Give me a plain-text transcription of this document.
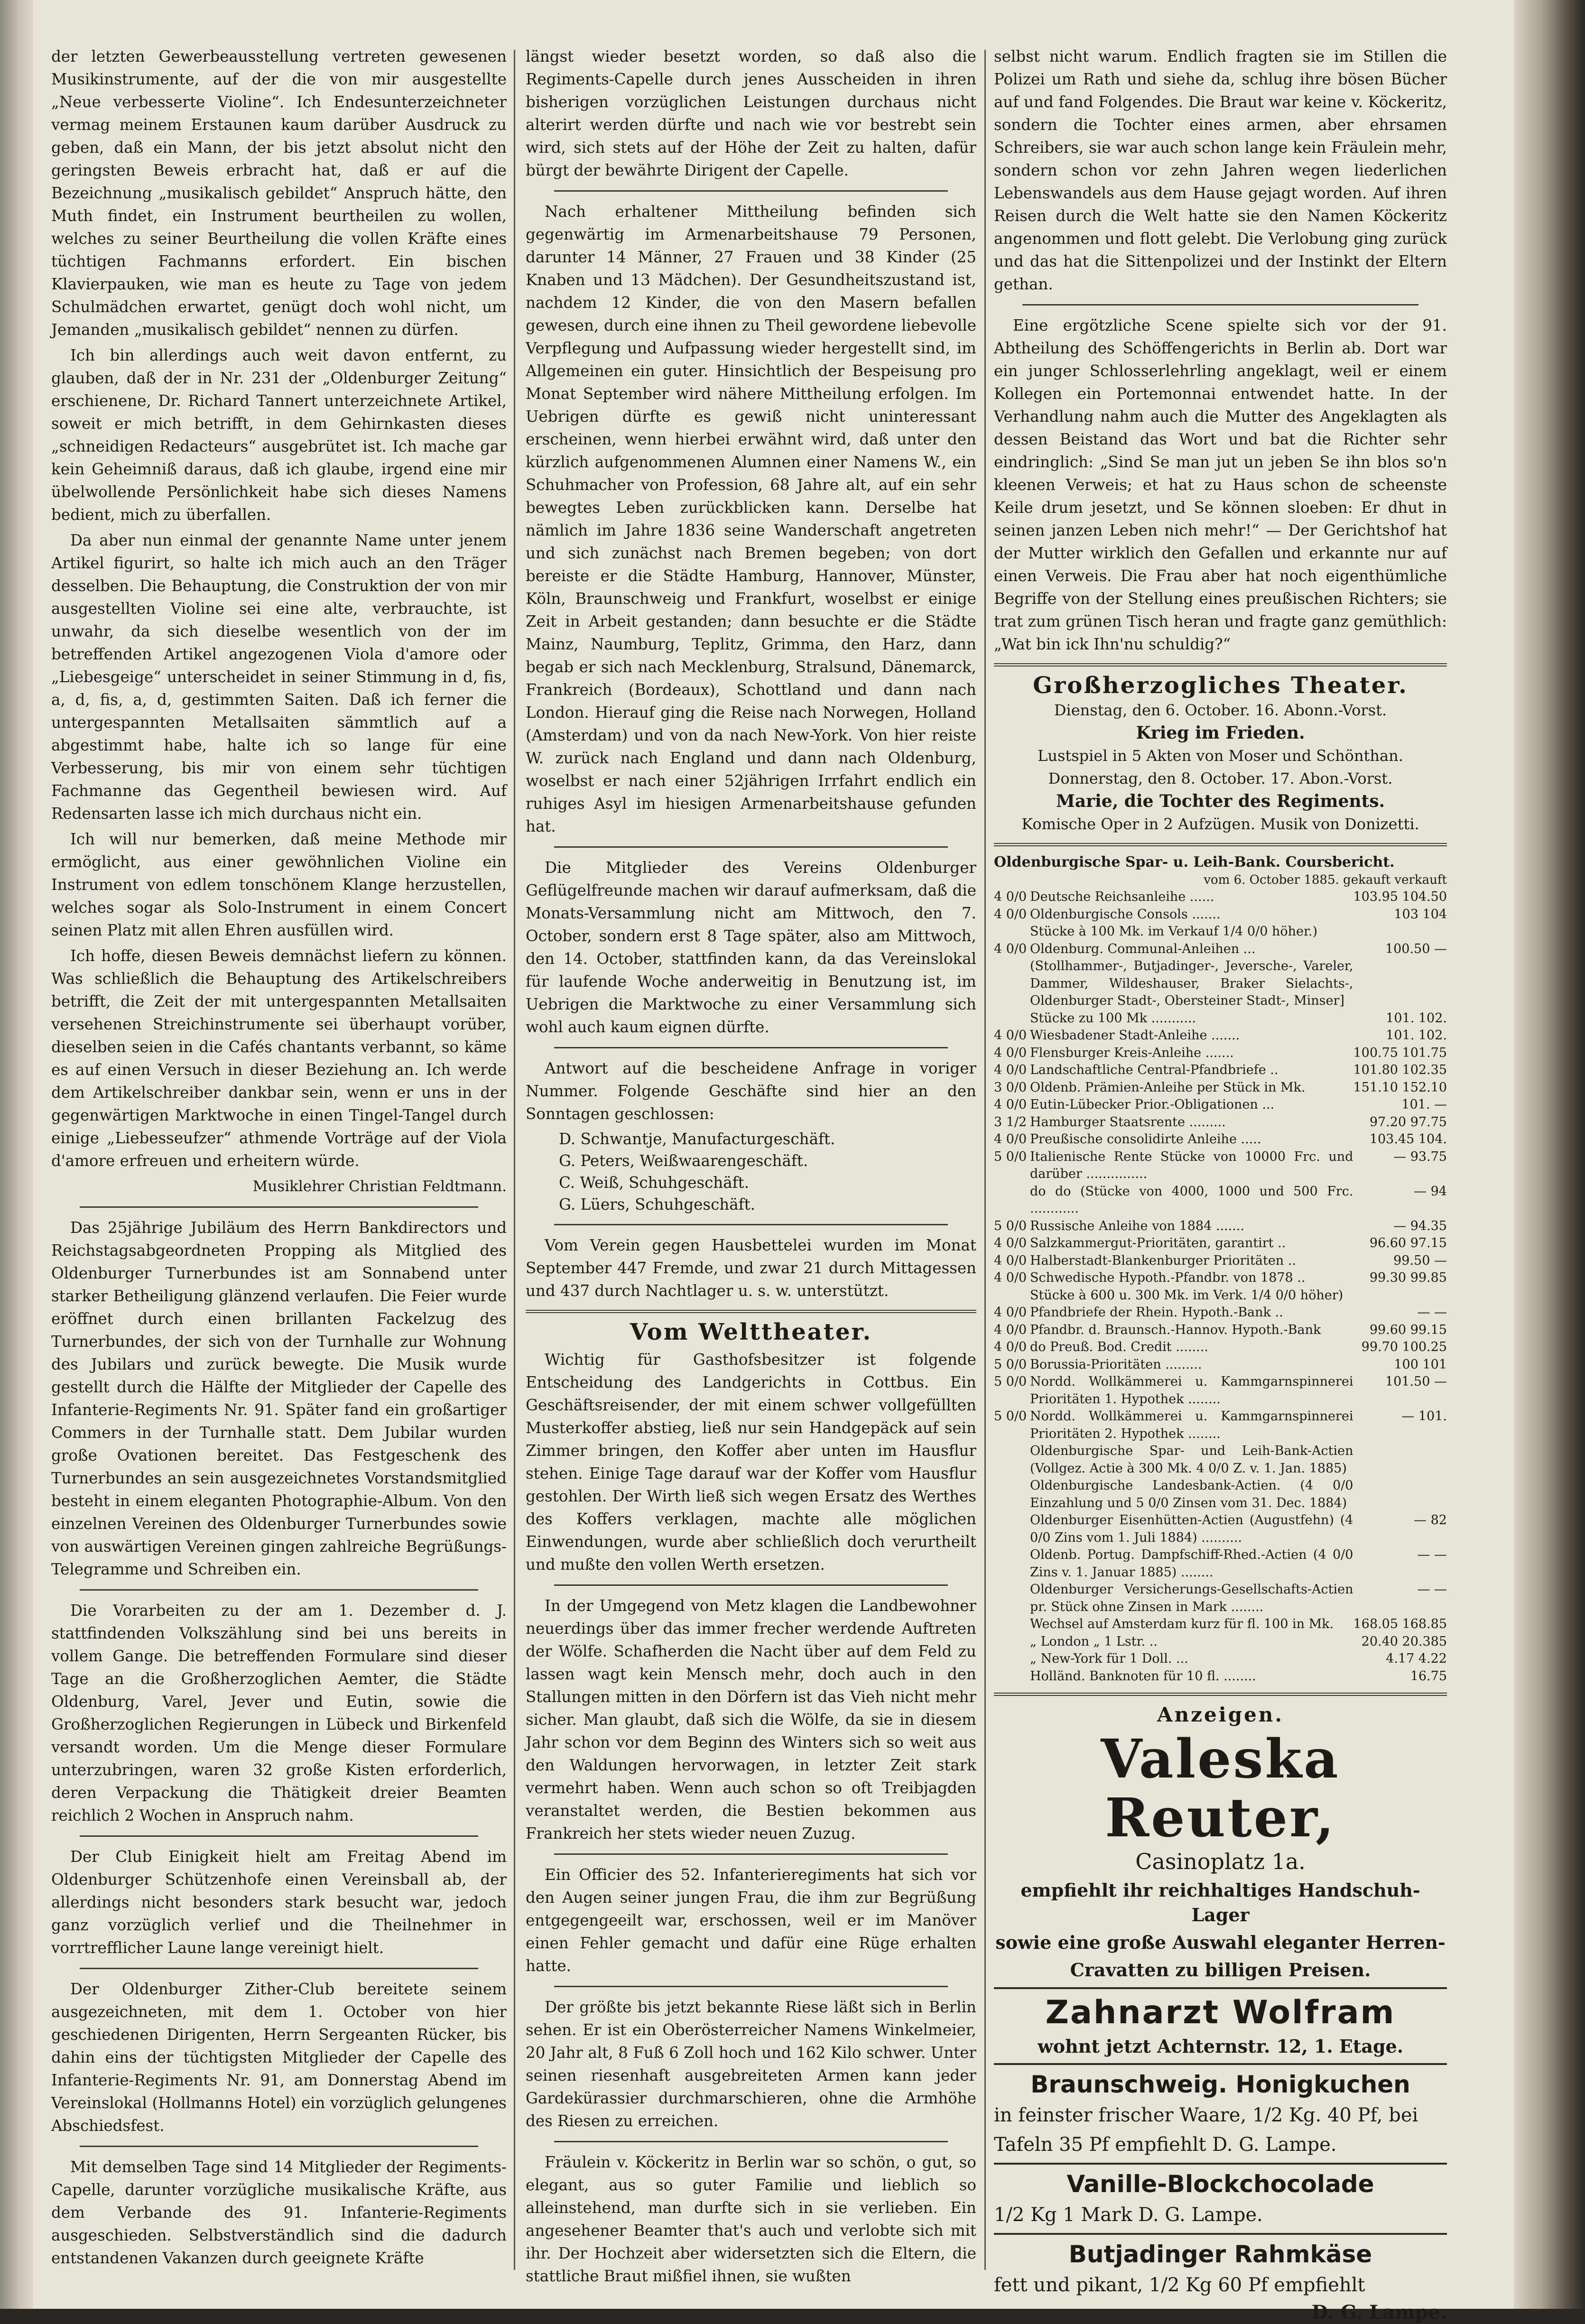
der letzten Gewerbeausstellung vertreten gewesenen Musikinstrumente, auf der die von mir ausgestellte „Neue verbesserte Violine“. Ich Endesunterzeichneter vermag meinem Erstaunen kaum darüber Ausdruck zu geben, daß ein Mann, der bis jetzt absolut nicht den geringsten Beweis erbracht hat, daß er auf die Bezeichnung „musikalisch gebildet“ Anspruch hätte, den Muth findet, ein Instrument beurtheilen zu wollen, welches zu seiner Beurtheilung die vollen Kräfte eines tüchtigen Fachmanns erfordert. Ein bischen Klavierpauken, wie man es heute zu Tage von jedem Schulmädchen erwartet, genügt doch wohl nicht, um Jemanden „musikalisch gebildet“ nennen zu dürfen.

Ich bin allerdings auch weit davon entfernt, zu glauben, daß der in Nr. 231 der „Oldenburger Zeitung“ erschienene, Dr. Richard Tannert unterzeichnete Artikel, soweit er mich betrifft, in dem Gehirnkasten dieses „schneidigen Redacteurs“ ausgebrütet ist. Ich mache gar kein Geheimniß daraus, daß ich glaube, irgend eine mir übelwollende Persönlichkeit habe sich dieses Namens bedient, mich zu überfallen.

Da aber nun einmal der genannte Name unter jenem Artikel figurirt, so halte ich mich auch an den Träger desselben. Die Behauptung, die Construktion der von mir ausgestellten Violine sei eine alte, verbrauchte, ist unwahr, da sich dieselbe wesentlich von der im betreffenden Artikel angezogenen Viola d'amore oder „Liebesgeige“ unterscheidet in seiner Stimmung in d, fis, a, d, fis, a, d, gestimmten Saiten. Daß ich ferner die untergespannten Metallsaiten sämmtlich auf a abgestimmt habe, halte ich so lange für eine Verbesserung, bis mir von einem sehr tüchtigen Fachmanne das Gegentheil bewiesen wird. Auf Redensarten lasse ich mich durchaus nicht ein.

Ich will nur bemerken, daß meine Methode mir ermöglicht, aus einer gewöhnlichen Violine ein Instrument von edlem tonschönem Klange herzustellen, welches sogar als Solo-Instrument in einem Concert seinen Platz mit allen Ehren ausfüllen wird.

Ich hoffe, diesen Beweis demnächst liefern zu können. Was schließlich die Behauptung des Artikelschreibers betrifft, die Zeit der mit untergespannten Metallsaiten versehenen Streichinstrumente sei überhaupt vorüber, dieselben seien in die Cafés chantants verbannt, so käme es auf einen Versuch in dieser Beziehung an. Ich werde dem Artikelschreiber dankbar sein, wenn er uns in der gegenwärtigen Marktwoche in einen Tingel-Tangel durch einige „Liebesseufzer“ athmende Vorträge auf der Viola d'amore erfreuen und erheitern würde.

Musiklehrer Christian Feldtmann.

Das 25jährige Jubiläum des Herrn Bankdirectors und Reichstagsabgeordneten Propping als Mitglied des Oldenburger Turnerbundes ist am Sonnabend unter starker Betheiligung glänzend verlaufen. Die Feier wurde eröffnet durch einen brillanten Fackelzug des Turnerbundes, der sich von der Turnhalle zur Wohnung des Jubilars und zurück bewegte. Die Musik wurde gestellt durch die Hälfte der Mitglieder der Capelle des Infanterie-Regiments Nr. 91. Später fand ein großartiger Commers in der Turnhalle statt. Dem Jubilar wurden große Ovationen bereitet. Das Festgeschenk des Turnerbundes an sein ausgezeichnetes Vorstandsmitglied besteht in einem eleganten Photographie-Album. Von den einzelnen Vereinen des Oldenburger Turnerbundes sowie von auswärtigen Vereinen gingen zahlreiche Begrüßungs-Telegramme und Schreiben ein.

Die Vorarbeiten zu der am 1. Dezember d. J. stattfindenden Volkszählung sind bei uns bereits in vollem Gange. Die betreffenden Formulare sind dieser Tage an die Großherzoglichen Aemter, die Städte Oldenburg, Varel, Jever und Eutin, sowie die Großherzoglichen Regierungen in Lübeck und Birkenfeld versandt worden. Um die Menge dieser Formulare unterzubringen, waren 32 große Kisten erforderlich, deren Verpackung die Thätigkeit dreier Beamten reichlich 2 Wochen in Anspruch nahm.

Der Club Einigkeit hielt am Freitag Abend im Oldenburger Schützenhofe einen Vereinsball ab, der allerdings nicht besonders stark besucht war, jedoch ganz vorzüglich verlief und die Theilnehmer in vorrtrefflicher Laune lange vereinigt hielt.

Der Oldenburger Zither-Club bereitete seinem ausgezeichneten, mit dem 1. October von hier geschiedenen Dirigenten, Herrn Sergeanten Rücker, bis dahin eins der tüchtigsten Mitglieder der Capelle des Infanterie-Regiments Nr. 91, am Donnerstag Abend im Vereinslokal (Hollmanns Hotel) ein vorzüglich gelungenes Abschiedsfest.

Mit demselben Tage sind 14 Mitglieder der Regiments-Capelle, darunter vorzügliche musikalische Kräfte, aus dem Verbande des 91. Infanterie-Regiments ausgeschieden. Selbstverständlich sind die dadurch entstandenen Vakanzen durch geeignete Kräfte

längst wieder besetzt worden, so daß also die Regiments-Capelle durch jenes Ausscheiden in ihren bisherigen vorzüglichen Leistungen durchaus nicht alterirt werden dürfte und nach wie vor bestrebt sein wird, sich stets auf der Höhe der Zeit zu halten, dafür bürgt der bewährte Dirigent der Capelle.

Nach erhaltener Mittheilung befinden sich gegenwärtig im Armenarbeitshause 79 Personen, darunter 14 Männer, 27 Frauen und 38 Kinder (25 Knaben und 13 Mädchen). Der Gesundheitszustand ist, nachdem 12 Kinder, die von den Masern befallen gewesen, durch eine ihnen zu Theil gewordene liebevolle Verpflegung und Aufpassung wieder hergestellt sind, im Allgemeinen ein guter. Hinsichtlich der Bespeisung pro Monat September wird nähere Mittheilung erfolgen. Im Uebrigen dürfte es gewiß nicht uninteressant erscheinen, wenn hierbei erwähnt wird, daß unter den kürzlich aufgenommenen Alumnen einer Namens W., ein Schuhmacher von Profession, 68 Jahre alt, auf ein sehr bewegtes Leben zurückblicken kann. Derselbe hat nämlich im Jahre 1836 seine Wanderschaft angetreten und sich zunächst nach Bremen begeben; von dort bereiste er die Städte Hamburg, Hannover, Münster, Köln, Braunschweig und Frankfurt, woselbst er einige Zeit in Arbeit gestanden; dann besuchte er die Städte Mainz, Naumburg, Teplitz, Grimma, den Harz, dann begab er sich nach Mecklenburg, Stralsund, Dänemarck, Frankreich (Bordeaux), Schottland und dann nach London. Hierauf ging die Reise nach Norwegen, Holland (Amsterdam) und von da nach New-York. Von hier reiste W. zurück nach England und dann nach Oldenburg, woselbst er nach einer 52jährigen Irrfahrt endlich ein ruhiges Asyl im hiesigen Armenarbeitshause gefunden hat.

Die Mitglieder des Vereins Oldenburger Geflügelfreunde machen wir darauf aufmerksam, daß die Monats-Versammlung nicht am Mittwoch, den 7. October, sondern erst 8 Tage später, also am Mittwoch, den 14. October, stattfinden kann, da das Vereinslokal für laufende Woche anderweitig in Benutzung ist, im Uebrigen die Marktwoche zu einer Versammlung sich wohl auch kaum eignen dürfte.

Antwort auf die bescheidene Anfrage in voriger Nummer. Folgende Geschäfte sind hier an den Sonntagen geschlossen:

D. Schwantje, Manufacturgeschäft.
G. Peters, Weißwaarengeschäft.
C. Weiß, Schuhgeschäft.
G. Lüers, Schuhgeschäft.

Vom Verein gegen Hausbettelei wurden im Monat September 447 Fremde, und zwar 21 durch Mittagessen und 437 durch Nachtlager u. s. w. unterstützt.

Vom Welttheater.

Wichtig für Gasthofsbesitzer ist folgende Entscheidung des Landgerichts in Cottbus. Ein Geschäftsreisender, der mit einem schwer vollgefüllten Musterkoffer abstieg, ließ nur sein Handgepäck auf sein Zimmer bringen, den Koffer aber unten im Hausflur stehen. Einige Tage darauf war der Koffer vom Hausflur gestohlen. Der Wirth ließ sich wegen Ersatz des Werthes des Koffers verklagen, machte alle möglichen Einwendungen, wurde aber schließlich doch verurtheilt und mußte den vollen Werth ersetzen.

In der Umgegend von Metz klagen die Landbewohner neuerdings über das immer frecher werdende Auftreten der Wölfe. Schafherden die Nacht über auf dem Feld zu lassen wagt kein Mensch mehr, doch auch in den Stallungen mitten in den Dörfern ist das Vieh nicht mehr sicher. Man glaubt, daß sich die Wölfe, da sie in diesem Jahr schon vor dem Beginn des Winters sich so weit aus den Waldungen hervorwagen, in letzter Zeit stark vermehrt haben. Wenn auch schon so oft Treibjagden veranstaltet werden, die Bestien bekommen aus Frankreich her stets wieder neuen Zuzug.

Ein Officier des 52. Infanterieregiments hat sich vor den Augen seiner jungen Frau, die ihm zur Begrüßung entgegengeeilt war, erschossen, weil er im Manöver einen Fehler gemacht und dafür eine Rüge erhalten hatte.

Der größte bis jetzt bekannte Riese läßt sich in Berlin sehen. Er ist ein Oberösterreicher Namens Winkelmeier, 20 Jahr alt, 8 Fuß 6 Zoll hoch und 162 Kilo schwer. Unter seinen riesenhaft ausgebreiteten Armen kann jeder Gardekürassier durchmarschieren, ohne die Armhöhe des Riesen zu erreichen.

Fräulein v. Köckeritz in Berlin war so schön, o gut, so elegant, aus so guter Familie und lieblich so alleinstehend, man durfte sich in sie verlieben. Ein angesehener Beamter that's auch und verlobte sich mit ihr. Der Hochzeit aber widersetzten sich die Eltern, die stattliche Braut mißfiel ihnen, sie wußten

selbst nicht warum. Endlich fragten sie im Stillen die Polizei um Rath und siehe da, schlug ihre bösen Bücher auf und fand Folgendes. Die Braut war keine v. Köckeritz, sondern die Tochter eines armen, aber ehrsamen Schreibers, sie war auch schon lange kein Fräulein mehr, sondern schon vor zehn Jahren wegen liederlichen Lebenswandels aus dem Hause gejagt worden. Auf ihren Reisen durch die Welt hatte sie den Namen Köckeritz angenommen und flott gelebt. Die Verlobung ging zurück und das hat die Sittenpolizei und der Instinkt der Eltern gethan.

Eine ergötzliche Scene spielte sich vor der 91. Abtheilung des Schöffengerichts in Berlin ab. Dort war ein junger Schlosserlehrling angeklagt, weil er einem Kollegen ein Portemonnai entwendet hatte. In der Verhandlung nahm auch die Mutter des Angeklagten als dessen Beistand das Wort und bat die Richter sehr eindringlich: „Sind Se man jut un jeben Se ihn blos so'n kleenen Verweis; et hat zu Haus schon de scheenste Keile drum jesetzt, und Se können sloeben: Er dhut in seinen janzen Leben nich mehr!“ — Der Gerichtshof hat der Mutter wirklich den Gefallen und erkannte nur auf einen Verweis. Die Frau aber hat noch eigenthümliche Begriffe von der Stellung eines preußischen Richters; sie trat zum grünen Tisch heran und fragte ganz gemüthlich: „Wat bin ick Ihn'nu schuldig?“

Großherzogliches Theater.

Dienstag, den 6. October. 16. Abonn.-Vorst.

Krieg im Frieden.

Lustspiel in 5 Akten von Moser und Schönthan.

Donnerstag, den 8. October. 17. Abon.-Vorst.

Marie, die Tochter des Regiments.

Komische Oper in 2 Aufzügen. Musik von Donizetti.

Oldenburgische Spar- u. Leih-Bank. Coursbericht.
vom 6. October 1885. gekauft verkauft
4 0/0	Deutsche Reichsanleihe ......	103.95 104.50
4 0/0	Oldenburgische Consols .......	103 104
	Stücke à 100 Mk. im Verkauf 1/4 0/0 höher.)	
4 0/0	Oldenburg. Communal-Anleihen ...	100.50 —
	(Stollhammer-, Butjadinger-, Jeversche-, Vareler, Dammer, Wildeshauser, Braker Sielachts-, Oldenburger Stadt-, Obersteiner Stadt-, Minser]	
	Stücke zu 100 Mk ...........	101. 102.
4 0/0	Wiesbadener Stadt-Anleihe .......	101. 102.
4 0/0	Flensburger Kreis-Anleihe .......	100.75 101.75
4 0/0	Landschaftliche Central-Pfandbriefe ..	101.80 102.35
3 0/0	Oldenb. Prämien-Anleihe per Stück in Mk.	151.10 152.10
4 0/0	Eutin-Lübecker Prior.-Obligationen ...	101. —
3 1/2	Hamburger Staatsrente .........	97.20 97.75
4 0/0	Preußische consolidirte Anleihe .....	103.45 104.
5 0/0	Italienische Rente Stücke von 10000 Frc. und darüber ...............	— 93.75
	do do (Stücke von 4000, 1000 und 500 Frc. ............	— 94
5 0/0	Russische Anleihe von 1884 .......	— 94.35
4 0/0	Salzkammergut-Prioritäten, garantirt ..	96.60 97.15
4 0/0	Halberstadt-Blankenburger Prioritäten ..	99.50 —
4 0/0	Schwedische Hypoth.-Pfandbr. von 1878 ..	99.30 99.85
	Stücke à 600 u. 300 Mk. im Verk. 1/4 0/0 höher)	
4 0/0	Pfandbriefe der Rhein. Hypoth.-Bank ..	— —
4 0/0	Pfandbr. d. Braunsch.-Hannov. Hypoth.-Bank	99.60 99.15
4 0/0	do Preuß. Bod. Credit ........	99.70 100.25
5 0/0	Borussia-Prioritäten .........	100 101
5 0/0	Nordd. Wollkämmerei u. Kammgarnspinnerei Prioritäten 1. Hypothek ........	101.50 —
5 0/0	Nordd. Wollkämmerei u. Kammgarnspinnerei Prioritäten 2. Hypothek ........	— 101.
	Oldenburgische Spar- und Leih-Bank-Actien (Vollgez. Actie à 300 Mk. 4 0/0 Z. v. 1. Jan. 1885)	
	Oldenburgische Landesbank-Actien. (4 0/0 Einzahlung und 5 0/0 Zinsen vom 31. Dec. 1884)	
	Oldenburger Eisenhütten-Actien (Augustfehn) (4 0/0 Zins vom 1. Juli 1884) ..........	— 82
	Oldenb. Portug. Dampfschiff-Rhed.-Actien (4 0/0 Zins v. 1. Januar 1885) ........	— —
	Oldenburger Versicherungs-Gesellschafts-Actien pr. Stück ohne Zinsen in Mark ........	— —
	Wechsel auf Amsterdam kurz für fl. 100 in Mk.	168.05 168.85
	„ London „ 1 Lstr. ..	20.40 20.385
	„ New-York für 1 Doll. ...	4.17 4.22
	Holländ. Banknoten für 10 fl. ........	16.75
Anzeigen.
Valeska Reuter,

Casinoplatz 1a.

empfiehlt ihr reichhaltiges Handschuh-Lager

sowie eine große Auswahl eleganter Herren-

Cravatten zu billigen Preisen.

Zahnarzt Wolfram

wohnt jetzt Achternstr. 12, 1. Etage.

Braunschweig. Honigkuchen

in feinster frischer Waare, 1/2 Kg. 40 Pf, bei

Tafeln 35 Pf empfiehlt D. G. Lampe.

Vanille-Blockchocolade

1/2 Kg 1 Mark D. G. Lampe.

Butjadinger Rahmkäse

fett und pikant, 1/2 Kg 60 Pf empfiehlt

D. G. Lampe.
